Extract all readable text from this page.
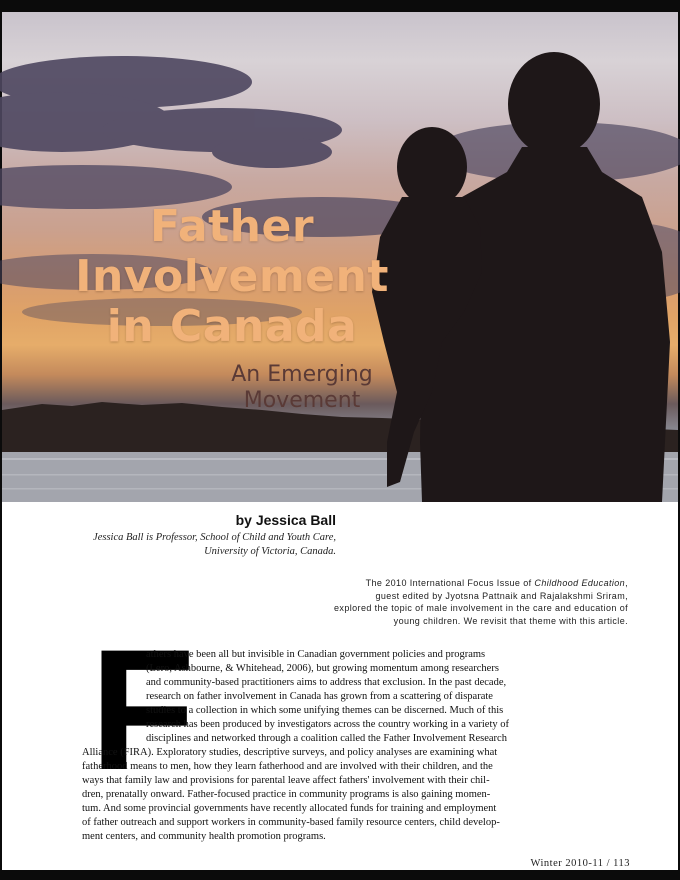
Father
Involvement
in Canada
An Emerging
Movement
by Jessica Ball
Jessica Ball is Professor, School of Child and Youth Care,
University of Victoria, Canada.
The 2010 International Focus Issue of Childhood Education,
guest edited by Jyotsna Pattnaik and Rajalakshmi Sriram,
explored the topic of male involvement in the care and education of
young children. We revisit that theme with this article.
F
athers have been all but invisible in Canadian government policies and programs
(Lero, Ashbourne, & Whitehead, 2006), but growing momentum among researchers
and community-based practitioners aims to address that exclusion. In the past decade,
research on father involvement in Canada has grown from a scattering of disparate
studies to a collection in which some unifying themes can be discerned. Much of this
research has been produced by investigators across the country working in a variety of
disciplines and networked through a coalition called the Father Involvement Research
Alliance (FIRA). Exploratory studies, descriptive surveys, and policy analyses are examining what
fatherhood means to men, how they learn fatherhood and are involved with their children, and the
ways that family law and provisions for parental leave affect fathers' involvement with their chil-
dren, prenatally onward. Father-focused practice in community programs is also gaining momen-
tum. And some provincial governments have recently allocated funds for training and employment
of father outreach and support workers in community-based family resource centers, child develop-
ment centers, and community health promotion programs.
Winter 2010-11 / 113
